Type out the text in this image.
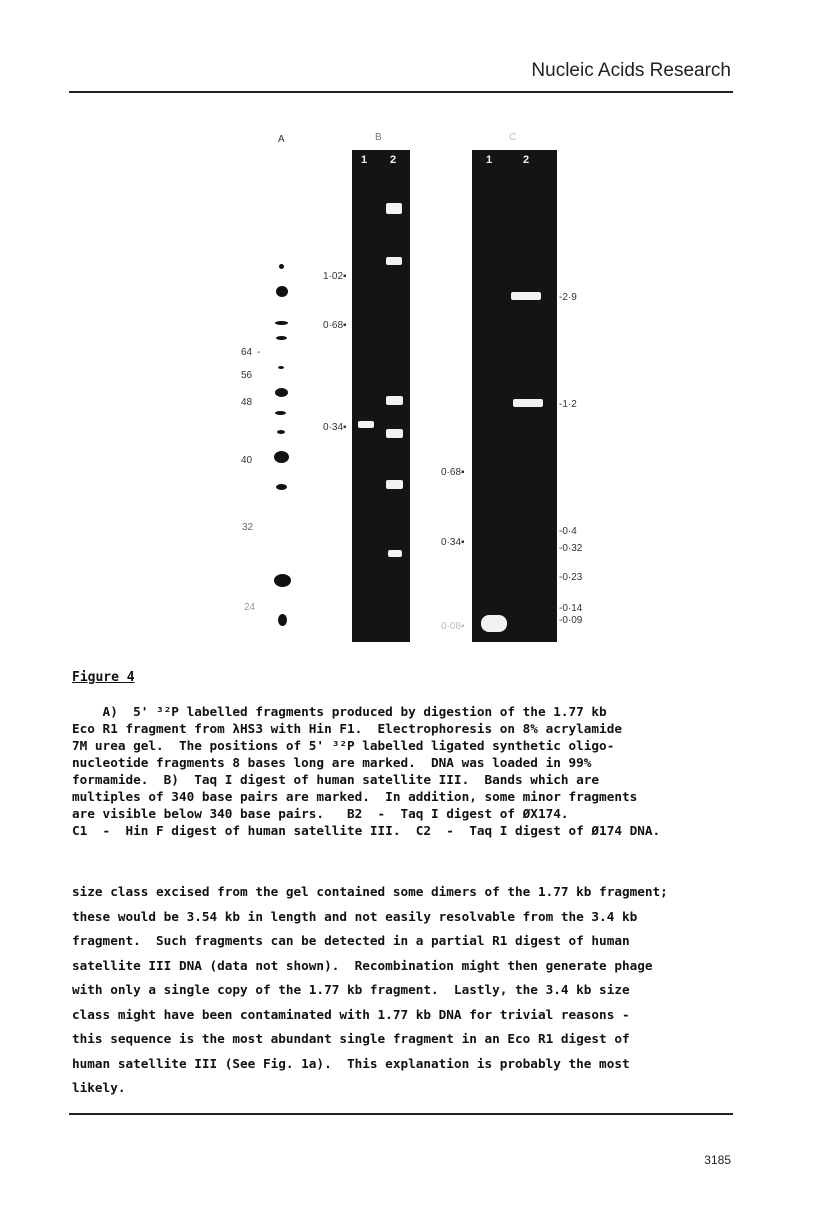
Nucleic Acids Research
A	B	C
64 ‐
56
48
40
32
24
1 2
1·02▪
0·68▪
0·34▪
1	2
0·68▪
0·34▪
0·08▪
‐2·9
‐1·2
‐0·4
‐0·32
‐0·23
‐0·14
‐0·09
Figure 4
A)  5' ³²P labelled fragments produced by digestion of the 1.77 kb
Eco R1 fragment from λHS3 with Hin F1.  Electrophoresis on 8% acrylamide
7M urea gel.  The positions of 5' ³²P labelled ligated synthetic oligo-
nucleotide fragments 8 bases long are marked.  DNA was loaded in 99%
formamide.  B)  Taq I digest of human satellite III.  Bands which are
multiples of 340 base pairs are marked.  In addition, some minor fragments
are visible below 340 base pairs.   B2  -  Taq I digest of ØX174.
C1  -  Hin F digest of human satellite III.  C2  -  Taq I digest of Ø174 DNA.
size class excised from the gel contained some dimers of the 1.77 kb fragment;
these would be 3.54 kb in length and not easily resolvable from the 3.4 kb
fragment.  Such fragments can be detected in a partial R1 digest of human
satellite III DNA (data not shown).  Recombination might then generate phage
with only a single copy of the 1.77 kb fragment.  Lastly, the 3.4 kb size
class might have been contaminated with 1.77 kb DNA for trivial reasons -
this sequence is the most abundant single fragment in an Eco R1 digest of
human satellite III (See Fig. 1a).  This explanation is probably the most
likely.
3185
